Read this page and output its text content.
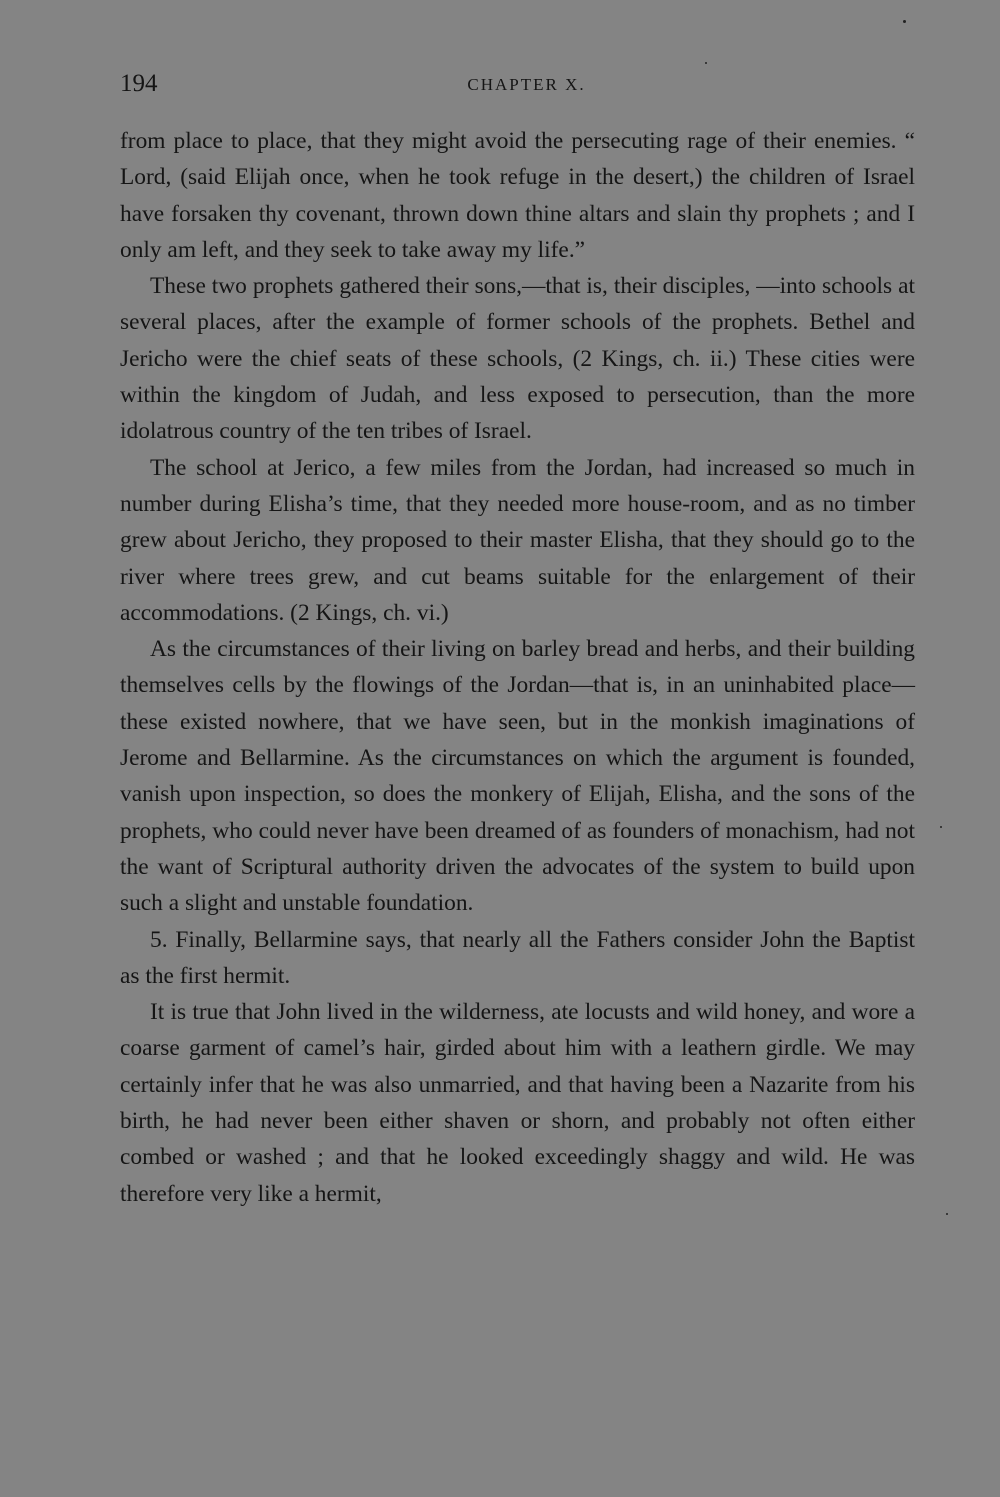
194	CHAPTER X.

from place to place, that they might avoid the persecuting rage of their enemies. “ Lord, (said Elijah once, when he took refuge in the desert,) the children of Israel have forsaken thy covenant, thrown down thine altars and slain thy prophets ; and I only am left, and they seek to take away my life.”

These two prophets gathered their sons,—that is, their disciples, —into schools at several places, after the example of former schools of the prophets. Bethel and Jericho were the chief seats of these schools, (2 Kings, ch. ii.) These cities were within the kingdom of Judah, and less exposed to persecution, than the more idolatrous country of the ten tribes of Israel.

The school at Jerico, a few miles from the Jordan, had increased so much in number during Elisha’s time, that they needed more house-room, and as no timber grew about Jericho, they proposed to their master Elisha, that they should go to the river where trees grew, and cut beams suitable for the enlargement of their accommodations. (2 Kings, ch. vi.)

As the circumstances of their living on barley bread and herbs, and their building themselves cells by the flowings of the Jordan—that is, in an uninhabited place—these existed nowhere, that we have seen, but in the monkish imaginations of Jerome and Bellarmine. As the circumstances on which the argument is founded, vanish upon inspection, so does the monkery of Elijah, Elisha, and the sons of the prophets, who could never have been dreamed of as founders of monachism, had not the want of Scriptural authority driven the advocates of the system to build upon such a slight and unstable foundation.

5. Finally, Bellarmine says, that nearly all the Fathers consider John the Baptist as the first hermit.

It is true that John lived in the wilderness, ate locusts and wild honey, and wore a coarse garment of camel’s hair, girded about him with a leathern girdle. We may certainly infer that he was also unmarried, and that having been a Nazarite from his birth, he had never been either shaven or shorn, and probably not often either combed or washed ; and that he looked exceedingly shaggy and wild. He was therefore very like a hermit,
